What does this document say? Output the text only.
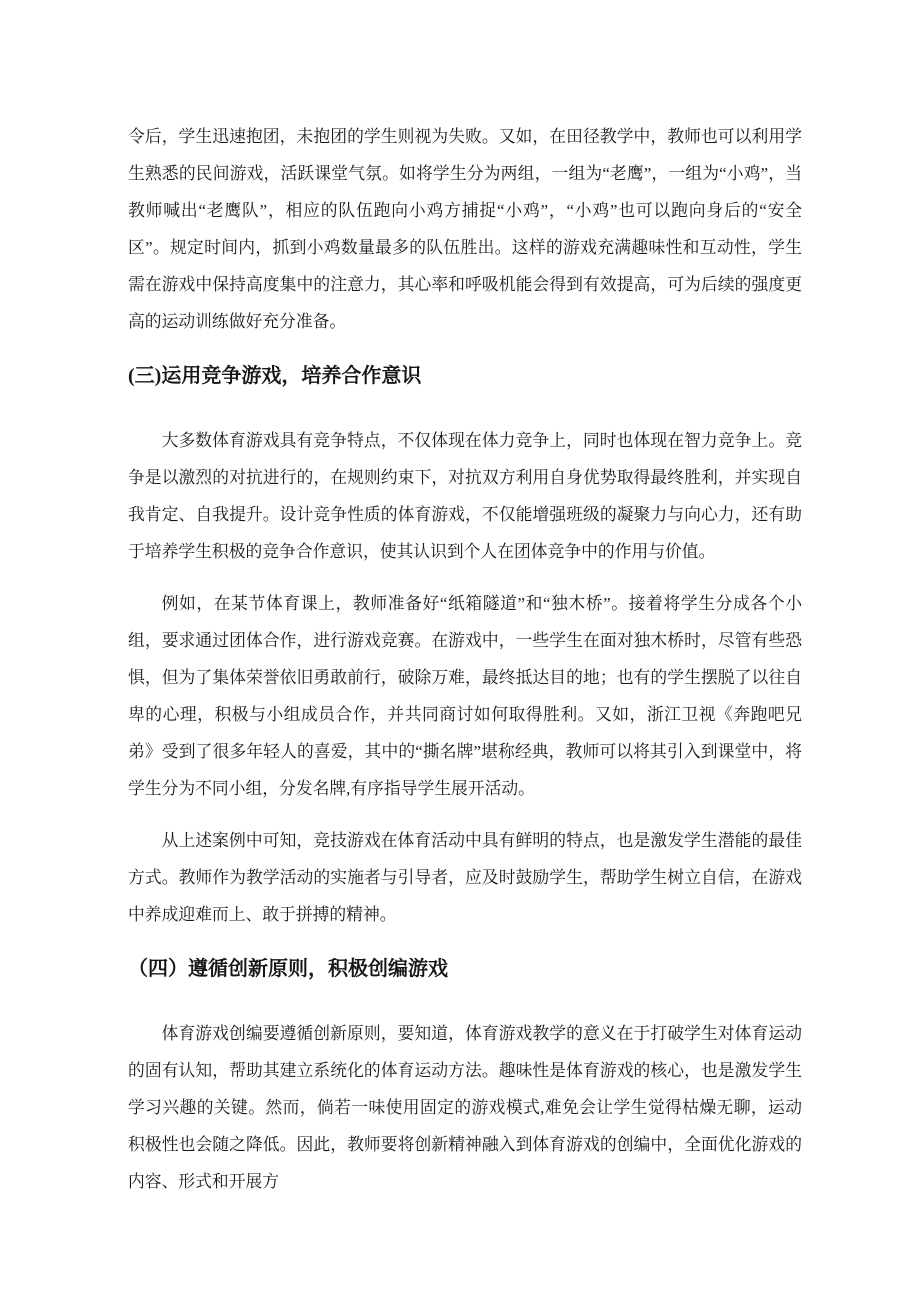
令后，学生迅速抱团，未抱团的学生则视为失败。又如，在田径教学中，教师也可以利用学生熟悉的民间游戏，活跃课堂气氛。如将学生分为两组，一组为“老鹰”，一组为“小鸡”，当教师喊出“老鹰队”，相应的队伍跑向小鸡方捕捉“小鸡”，“小鸡”也可以跑向身后的“安全区”。规定时间内，抓到小鸡数量最多的队伍胜出。这样的游戏充满趣味性和互动性，学生需在游戏中保持高度集中的注意力，其心率和呼吸机能会得到有效提高，可为后续的强度更高的运动训练做好充分准备。

(三)运用竞争游戏，培养合作意识

大多数体育游戏具有竞争特点，不仅体现在体力竞争上，同时也体现在智力竞争上。竞争是以激烈的对抗进行的，在规则约束下，对抗双方利用自身优势取得最终胜利，并实现自我肯定、自我提升。设计竞争性质的体育游戏，不仅能增强班级的凝聚力与向心力，还有助于培养学生积极的竞争合作意识，使其认识到个人在团体竞争中的作用与价值。

例如，在某节体育课上，教师准备好“纸箱隧道”和“独木桥”。接着将学生分成各个小组，要求通过团体合作，进行游戏竞赛。在游戏中，一些学生在面对独木桥时，尽管有些恐惧，但为了集体荣誉依旧勇敢前行，破除万难，最终抵达目的地；也有的学生摆脱了以往自卑的心理，积极与小组成员合作，并共同商讨如何取得胜利。又如，浙江卫视《奔跑吧兄弟》受到了很多年轻人的喜爱，其中的“撕名牌”堪称经典，教师可以将其引入到课堂中，将学生分为不同小组，分发名牌,有序指导学生展开活动。

从上述案例中可知，竞技游戏在体育活动中具有鲜明的特点，也是激发学生潜能的最佳方式。教师作为教学活动的实施者与引导者，应及时鼓励学生，帮助学生树立自信，在游戏中养成迎难而上、敢于拼搏的精神。

（四）遵循创新原则，积极创编游戏

体育游戏创编要遵循创新原则，要知道，体育游戏教学的意义在于打破学生对体育运动的固有认知，帮助其建立系统化的体育运动方法。趣味性是体育游戏的核心，也是激发学生学习兴趣的关键。然而，倘若一味使用固定的游戏模式,难免会让学生觉得枯燥无聊，运动积极性也会随之降低。因此，教师要将创新精神融入到体育游戏的创编中，全面优化游戏的内容、形式和开展方
